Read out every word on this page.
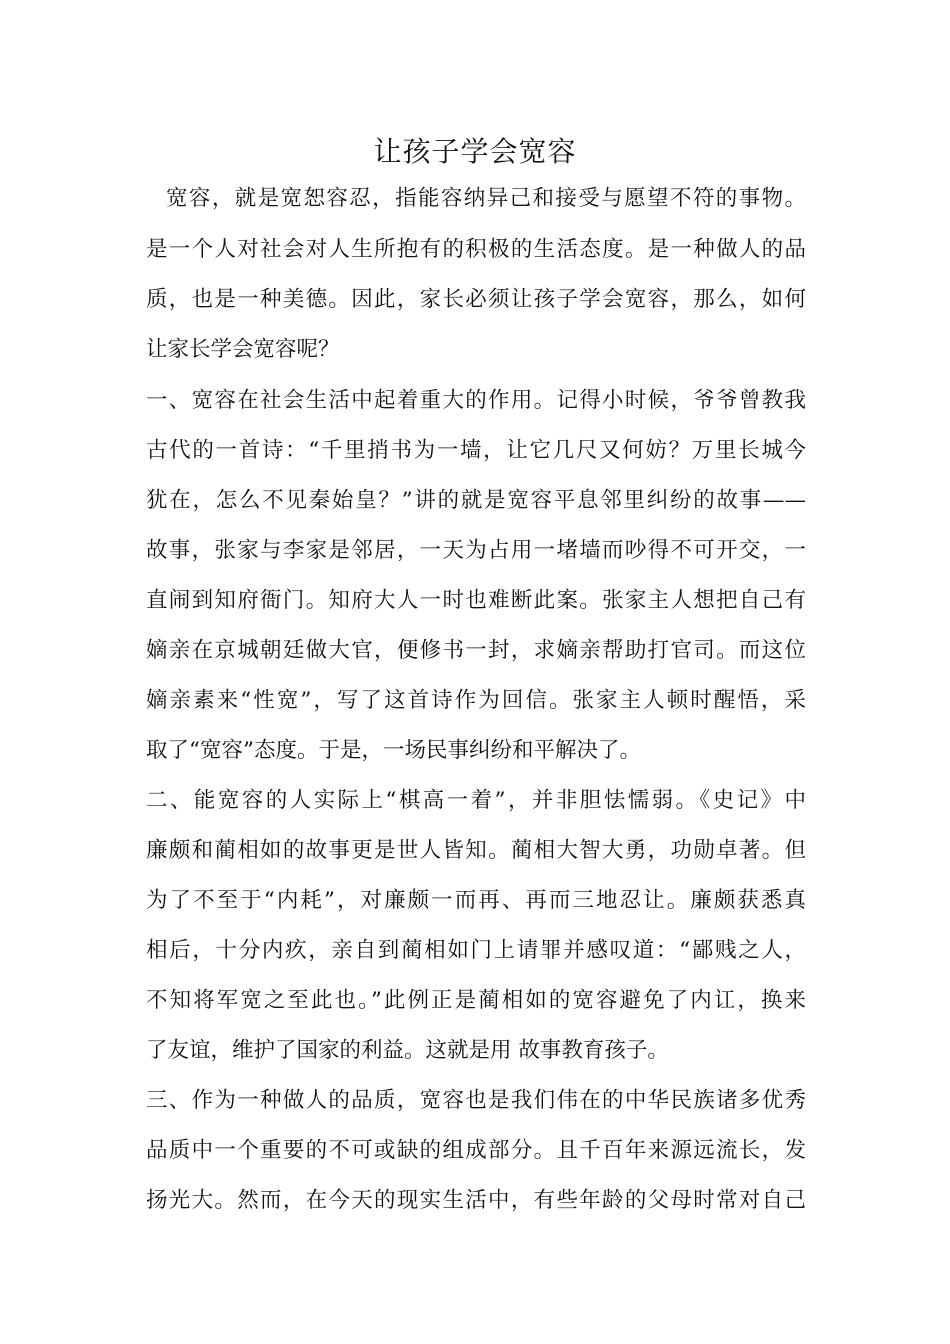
让孩子学会宽容
宽容，就是宽恕容忍，指能容纳异己和接受与愿望不符的事物。
是一个人对社会对人生所抱有的积极的生活态度。是一种做人的品
质，也是一种美德。因此，家长必须让孩子学会宽容，那么，如何
让家长学会宽容呢？
一、宽容在社会生活中起着重大的作用。记得小时候，爷爷曾教我
古代的一首诗：“千里捎书为一墙，让它几尺又何妨？万里长城今
犹在，怎么不见秦始皇？”讲的就是宽容平息邻里纠纷的故事——
故事，张家与李家是邻居，一天为占用一堵墙而吵得不可开交，一
直闹到知府衙门。知府大人一时也难断此案。张家主人想把自己有
嫡亲在京城朝廷做大官，便修书一封，求嫡亲帮助打官司。而这位
嫡亲素来“性宽”，写了这首诗作为回信。张家主人顿时醒悟，采
取了“宽容”态度。于是，一场民事纠纷和平解决了。
二、能宽容的人实际上“棋高一着”，并非胆怯懦弱。《史记》中
廉颇和蔺相如的故事更是世人皆知。蔺相大智大勇，功勋卓著。但
为了不至于“内耗”，对廉颇一而再、再而三地忍让。廉颇获悉真
相后，十分内疚，亲自到蔺相如门上请罪并感叹道：“鄙贱之人，
不知将军宽之至此也。”此例正是蔺相如的宽容避免了内讧，换来
了友谊，维护了国家的利益。这就是用 故事教育孩子。
三、作为一种做人的品质，宽容也是我们伟在的中华民族诸多优秀
品质中一个重要的不可或缺的组成部分。且千百年来源远流长，发
扬光大。然而，在今天的现实生活中，有些年龄的父母时常对自己
